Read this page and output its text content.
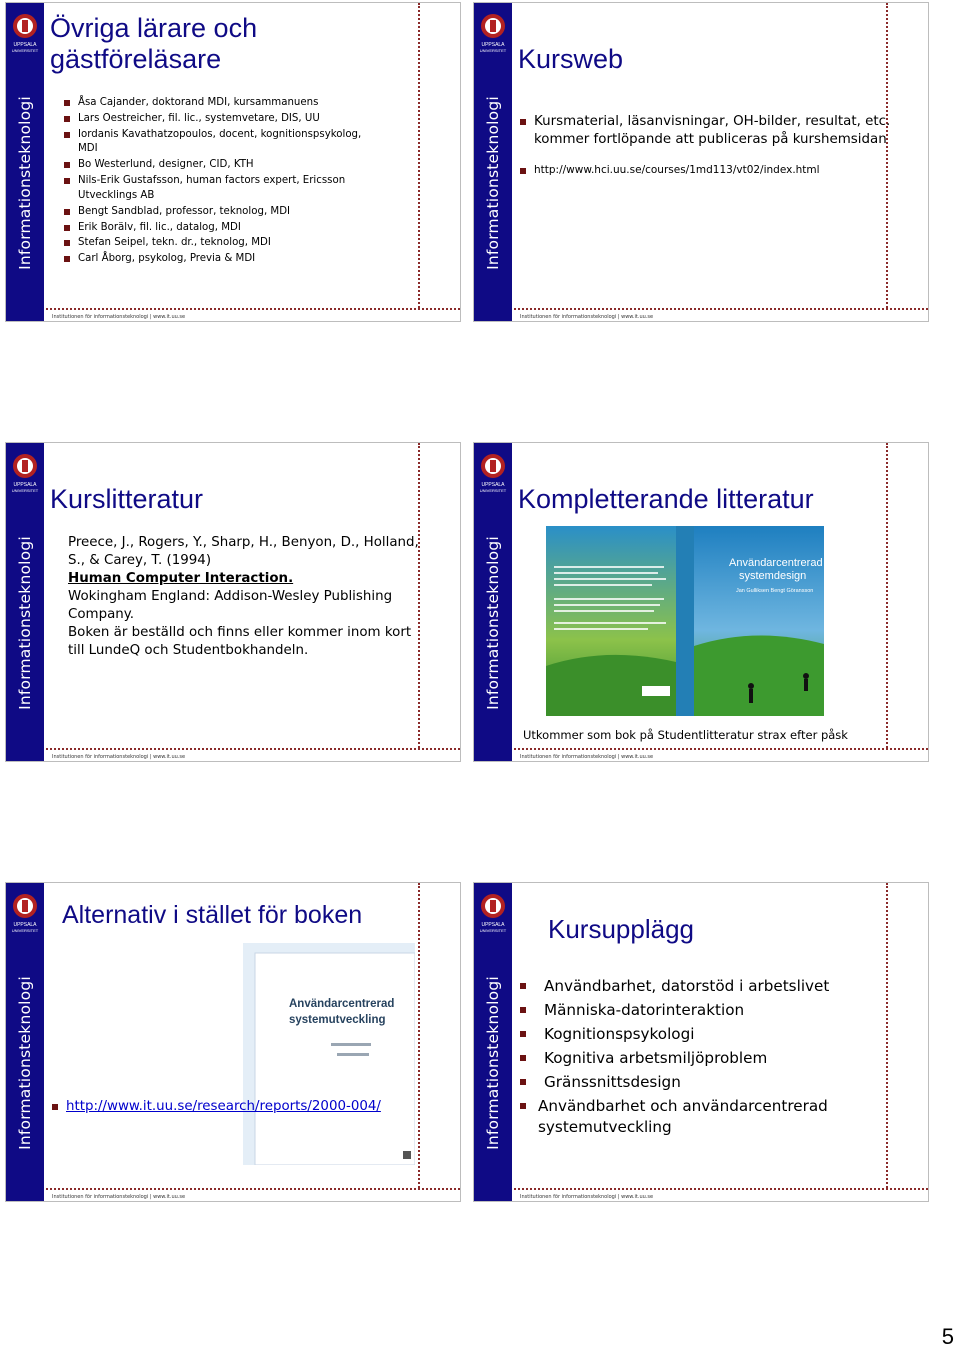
UPPSALA
UNIVERSITET
Informationsteknologi
Institutionen för informationsteknologi | www.it.uu.se
Övriga lärare och
gästföreläsare
Åsa Cajander, doktorand MDI, kursammanuens
Lars Oestreicher, fil. lic., systemvetare, DIS, UU
Iordanis Kavathatzopoulos, docent, kognitionspsykolog, MDI
Bo Westerlund, designer, CID, KTH
Nils-Erik Gustafsson, human factors expert, Ericsson Utvecklings AB
Bengt Sandblad, professor, teknolog, MDI
Erik Borälv, fil. lic., datalog, MDI
Stefan Seipel, tekn. dr., teknolog, MDI
Carl Åborg, psykolog, Previa & MDI
UPPSALA
UNIVERSITET
Informationsteknologi
Institutionen för informationsteknologi | www.it.uu.se
Kursweb
Kursmaterial, läsanvisningar, OH-bilder, resultat, etc. kommer fortlöpande att publiceras på kurshemsidan
http://www.hci.uu.se/courses/1md113/vt02/index.html
UPPSALA
UNIVERSITET
Informationsteknologi
Institutionen för informationsteknologi | www.it.uu.se
Kurslitteratur

Preece, J., Rogers, Y., Sharp, H., Benyon, D., Holland, S., & Carey, T. (1994)

Human Computer Interaction.

Wokingham England: Addison-Wesley Publishing Company.

Boken är beställd och finns eller kommer inom kort till LundeQ och Studentbokhandeln.

UPPSALA
UNIVERSITET
Informationsteknologi
Institutionen för informationsteknologi | www.it.uu.se
Kompletterande litteratur
Användarcentrerad
systemdesign
Jan Gulliksen Bengt Göransson
Utkommer som bok på Studentlitteratur strax efter påsk
UPPSALA
UNIVERSITET
Informationsteknologi
Institutionen för informationsteknologi | www.it.uu.se
Alternativ i stället för boken
Användarcentrerad
systemutveckling
http://www.it.uu.se/research/reports/2000-004/
UPPSALA
UNIVERSITET
Informationsteknologi
Institutionen för informationsteknologi | www.it.uu.se
Kursupplägg
Användbarhet, datorstöd i arbetslivet
Människa-datorinteraktion
Kognitionspsykologi
Kognitiva arbetsmiljöproblem
Gränssnittsdesign
Användbarhet och användarcentrerad systemutveckling
5
